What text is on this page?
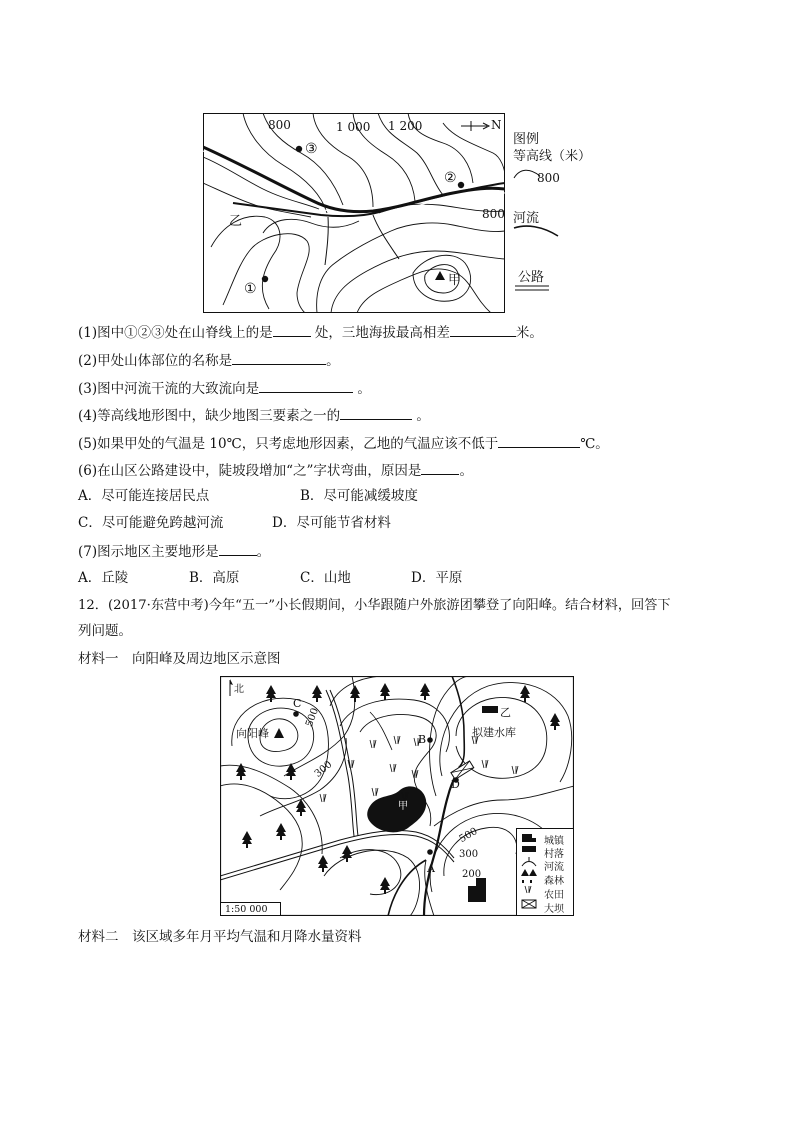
800	1 000 1 200
800
N
③
②
①
乙
甲
图例
等高线（米）
800
河流
公路
(1)图中①②③处在山脊线上的是	处，三地海拔最高相差	米。
(2)甲处山体部位的名称是	。
(3)图中河流干流的大致流向是	。
(4)等高线地形图中，缺少地图三要素之一的	。
(5)如果甲处的气温是 10℃，只考虑地形因素，乙地的气温应该不低于	℃。
(6)在山区公路建设中，陡坡段增加“之”字状弯曲，原因是	。
A．尽可能连接居民点	B．尽可能减缓坡度
C．尽可能避免跨越河流	D．尽可能节省材料
(7)图示地区主要地形是	。
A．丘陵	B．高原	C．山地	D．平原
12．(2017·东营中考)今年“五一”小长假期间，小华跟随户外旅游团攀登了向阳峰。结合材料，回答下
列问题。
材料一　向阳峰及周边地区示意图
北
向阳峰
C
B
D
A
乙
甲
拟建水库
500
300
500
300
200
1:50 000
城镇
村落
河流
森林
农田
大坝
材料二　该区域多年月平均气温和月降水量资料
